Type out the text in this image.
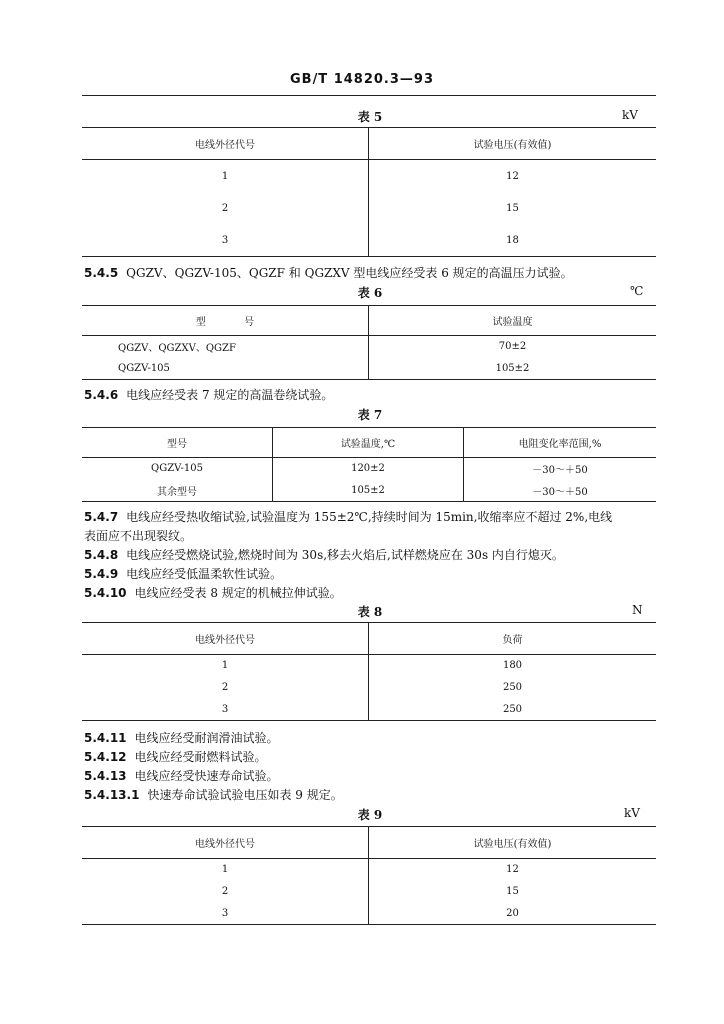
GB/T 14820.3—93
表 5	kV
电线外径代号	试验电压(有效值)
1	12
2	15
3	18
5.4.5 QGZV、QGZV-105、QGZF 和 QGZXV 型电线应经受表 6 规定的高温压力试验。
表 6	℃
型            号	试验温度
QGZV、QGZXV、QGZF	70±2
QGZV-105	105±2
5.4.6 电线应经受表 7 规定的高温卷绕试验。
表 7
型号	试验温度,℃	电阻变化率范围,%
QGZV-105	120±2	－30～＋50
其余型号	105±2	－30～＋50
5.4.7 电线应经受热收缩试验,试验温度为 155±2℃,持续时间为 15min,收缩率应不超过 2%,电线
表面应不出现裂纹。
5.4.8 电线应经受燃烧试验,燃烧时间为 30s,移去火焰后,试样燃烧应在 30s 内自行熄灭。
5.4.9 电线应经受低温柔软性试验。
5.4.10 电线应经受表 8 规定的机械拉伸试验。
表 8	N
电线外径代号	负荷
1	180
2	250
3	250
5.4.11 电线应经受耐润滑油试验。
5.4.12 电线应经受耐燃料试验。
5.4.13 电线应经受快速寿命试验。
5.4.13.1 快速寿命试验试验电压如表 9 规定。
表 9	kV
电线外径代号	试验电压(有效值)
1	12
2	15
3	20
